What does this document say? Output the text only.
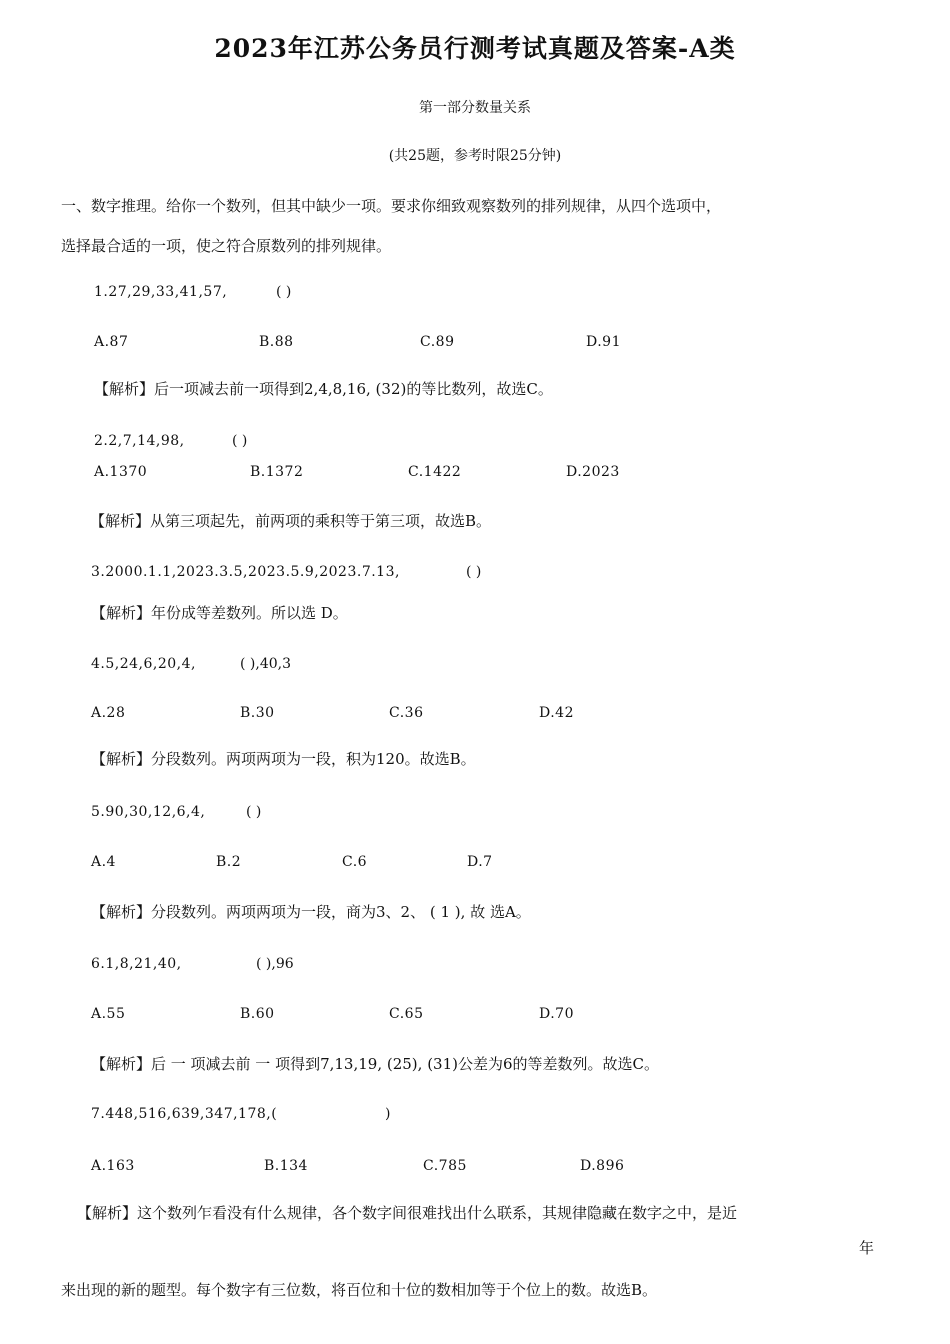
2023年江苏公务员行测考试真题及答案-A类
第一部分数量关系
(共25题，参考时限25分钟)
一、数字推理。给你一个数列，但其中缺少一项。要求你细致观察数列的排列规律，从四个选项中，
选择最合适的一项，使之符合原数列的排列规律。
1.27,29,33,41,57,	( )
A.87	B.88	C.89	D.91
【解析】后一项减去前一项得到2,4,8,16, (32)的等比数列，故选C。
2.2,7,14,98,	( )
A.1370	B.1372	C.1422	D.2023
【解析】从第三项起先，前两项的乘积等于第三项，故选B。
3.2000.1.1,2023.3.5,2023.5.9,2023.7.13,	( )
【解析】年份成等差数列。所以选 D。
4.5,24,6,20,4,	( ),40,3
A.28	B.30	C.36	D.42
【解析】分段数列。两项两项为一段，积为120。故选B。
5.90,30,12,6,4,	( )
A.4	B.2	C.6	D.7
【解析】分段数列。两项两项为一段，商为3、2、 ( 1 ), 故 选A。
6.1,8,21,40,	( ),96
A.55	B.60	C.65	D.70
【解析】后 一 项减去前 一 项得到7,13,19, (25), (31)公差为6的等差数列。故选C。
7.448,516,639,347,178,(	)
A.163	B.134	C.785	D.896
【解析】这个数列乍看没有什么规律，各个数字间很难找出什么联系，其规律隐藏在数字之中，是近
年
来出现的新的题型。每个数字有三位数，将百位和十位的数相加等于个位上的数。故选B。
